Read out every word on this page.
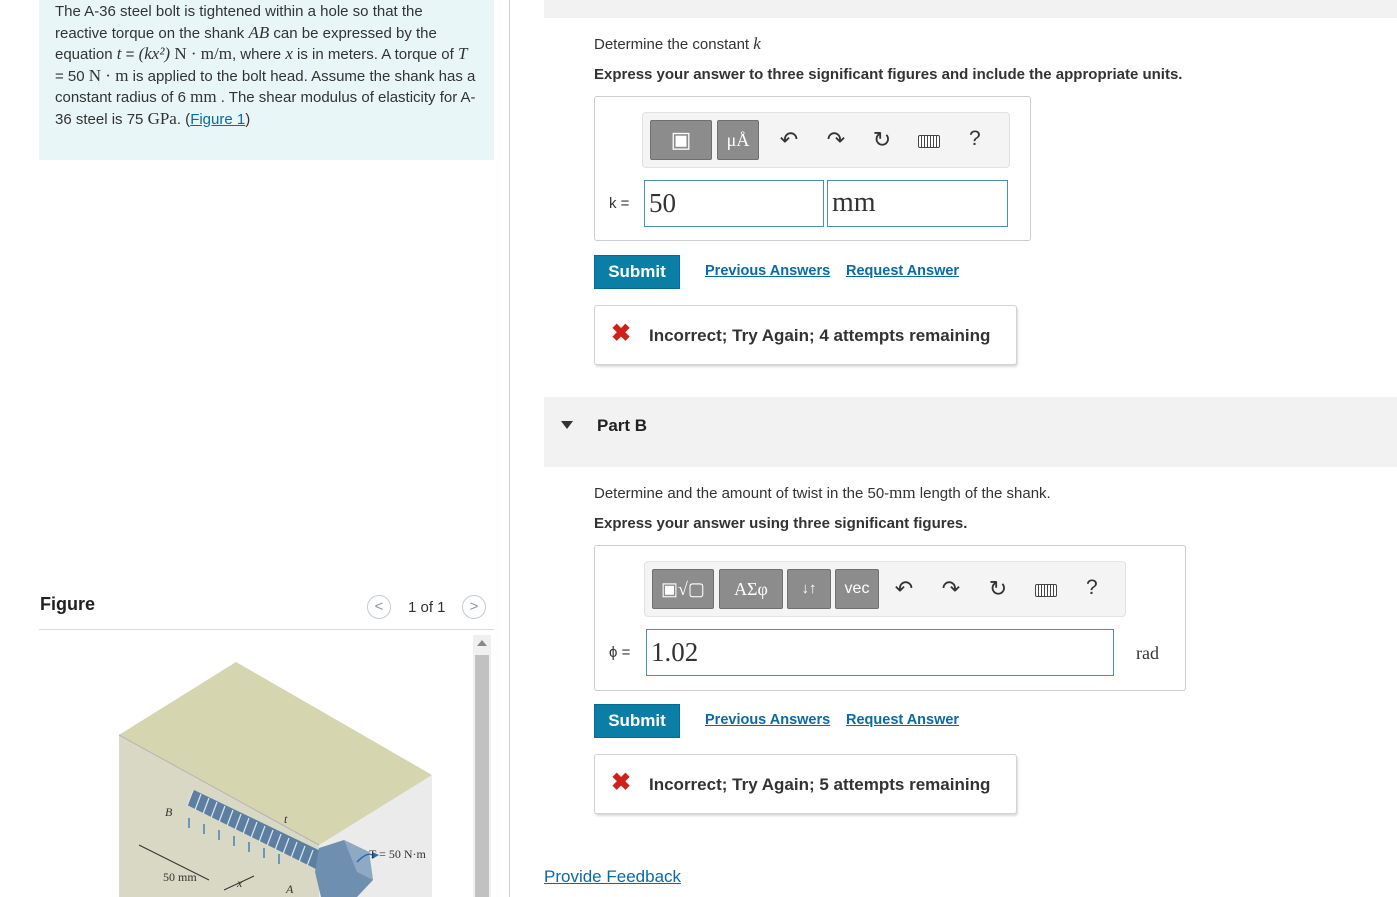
The A-36 steel bolt is tightened within a hole so that the reactive torque on the shank AB can be expressed by the equation t = (kx²) N · m/m, where x is in meters. A torque of T = 50 N · m is applied to the bolt head. Assume the shank has a constant radius of 6 mm . The shear modulus of elasticity for A-36 steel is 75 GPa. (Figure 1)
Figure	<	1 of 1	>
B	t
A
x
T = 50 N·m
50 mm
Determine the constant k
Express your answer to three significant figures and include the appropriate units.
▣	μÅ	↶ ↷ ↻	?
k = 50	mm
Submit	Previous Answers Request Answer
✖ Incorrect; Try Again; 4 attempts remaining
Part B
Determine and the amount of twist in the 50-mm length of the shank.
Express your answer using three significant figures.
▣√▢	ΑΣφ	↓↑	vec	↶ ↷ ↻	?
ϕ = 1.02	rad
Submit	Previous Answers Request Answer
✖ Incorrect; Try Again; 5 attempts remaining
Provide Feedback
